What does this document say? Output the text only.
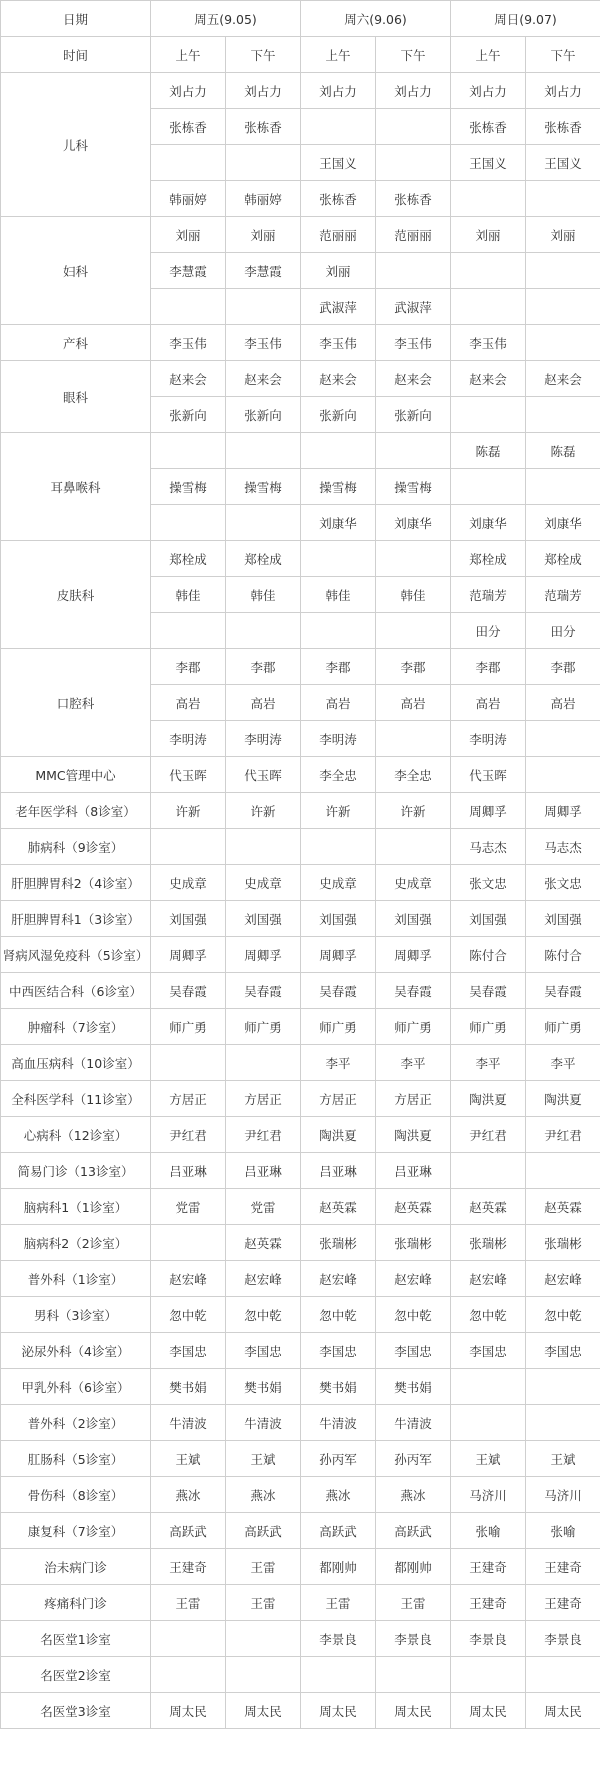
日期	周五(9.05)		周六(9.06)		周日(9.07)	
时间	上午	下午	上午	下午	上午	下午
儿科	刘占力	刘占力	刘占力	刘占力	刘占力	刘占力
	张栋香	张栋香			张栋香	张栋香
			王国义		王国义	王国义
	韩丽婷	韩丽婷	张栋香	张栋香		
妇科	刘丽	刘丽	范丽丽	范丽丽	刘丽	刘丽
	李慧霞	李慧霞	刘丽			
			武淑萍	武淑萍		
产科	李玉伟	李玉伟	李玉伟	李玉伟	李玉伟	
眼科	赵来会	赵来会	赵来会	赵来会	赵来会	赵来会
	张新向	张新向	张新向	张新向		
耳鼻喉科					陈磊	陈磊
	操雪梅	操雪梅	操雪梅	操雪梅		
			刘康华	刘康华	刘康华	刘康华
皮肤科	郑栓成	郑栓成			郑栓成	郑栓成
	韩佳	韩佳	韩佳	韩佳	范瑞芳	范瑞芳
					田分	田分
口腔科	李郡	李郡	李郡	李郡	李郡	李郡
	高岩	高岩	高岩	高岩	高岩	高岩
	李明涛	李明涛	李明涛		李明涛	
MMC管理中心	代玉晖	代玉晖	李全忠	李全忠	代玉晖	
老年医学科（8诊室）	许新	许新	许新	许新	周卿孚	周卿孚
肺病科（9诊室）					马志杰	马志杰
肝胆脾胃科2（4诊室）	史成章	史成章	史成章	史成章	张文忠	张文忠
肝胆脾胃科1（3诊室）	刘国强	刘国强	刘国强	刘国强	刘国强	刘国强
肾病风湿免疫科（5诊室）	周卿孚	周卿孚	周卿孚	周卿孚	陈付合	陈付合
中西医结合科（6诊室）	吴春霞	吴春霞	吴春霞	吴春霞	吴春霞	吴春霞
肿瘤科（7诊室）	师广勇	师广勇	师广勇	师广勇	师广勇	师广勇
高血压病科（10诊室）			李平	李平	李平	李平
全科医学科（11诊室）	方居正	方居正	方居正	方居正	陶洪夏	陶洪夏
心病科（12诊室）	尹红君	尹红君	陶洪夏	陶洪夏	尹红君	尹红君
简易门诊（13诊室）	吕亚琳	吕亚琳	吕亚琳	吕亚琳		
脑病科1（1诊室）	党雷	党雷	赵英霖	赵英霖	赵英霖	赵英霖
脑病科2（2诊室）		赵英霖	张瑞彬	张瑞彬	张瑞彬	张瑞彬
普外科（1诊室）	赵宏峰	赵宏峰	赵宏峰	赵宏峰	赵宏峰	赵宏峰
男科（3诊室）	忽中乾	忽中乾	忽中乾	忽中乾	忽中乾	忽中乾
泌尿外科（4诊室）	李国忠	李国忠	李国忠	李国忠	李国忠	李国忠
甲乳外科（6诊室）	樊书娟	樊书娟	樊书娟	樊书娟		
普外科（2诊室）	牛清波	牛清波	牛清波	牛清波		
肛肠科（5诊室）	王斌	王斌	孙丙军	孙丙军	王斌	王斌
骨伤科（8诊室）	燕冰	燕冰	燕冰	燕冰	马济川	马济川
康复科（7诊室）	高跃武	高跃武	高跃武	高跃武	张喻	张喻
治未病门诊	王建奇	王雷	都刚帅	都刚帅	王建奇	王建奇
疼痛科门诊	王雷	王雷	王雷	王雷	王建奇	王建奇
名医堂1诊室			李景良	李景良	李景良	李景良
名医堂2诊室						
名医堂3诊室	周太民	周太民	周太民	周太民	周太民	周太民
